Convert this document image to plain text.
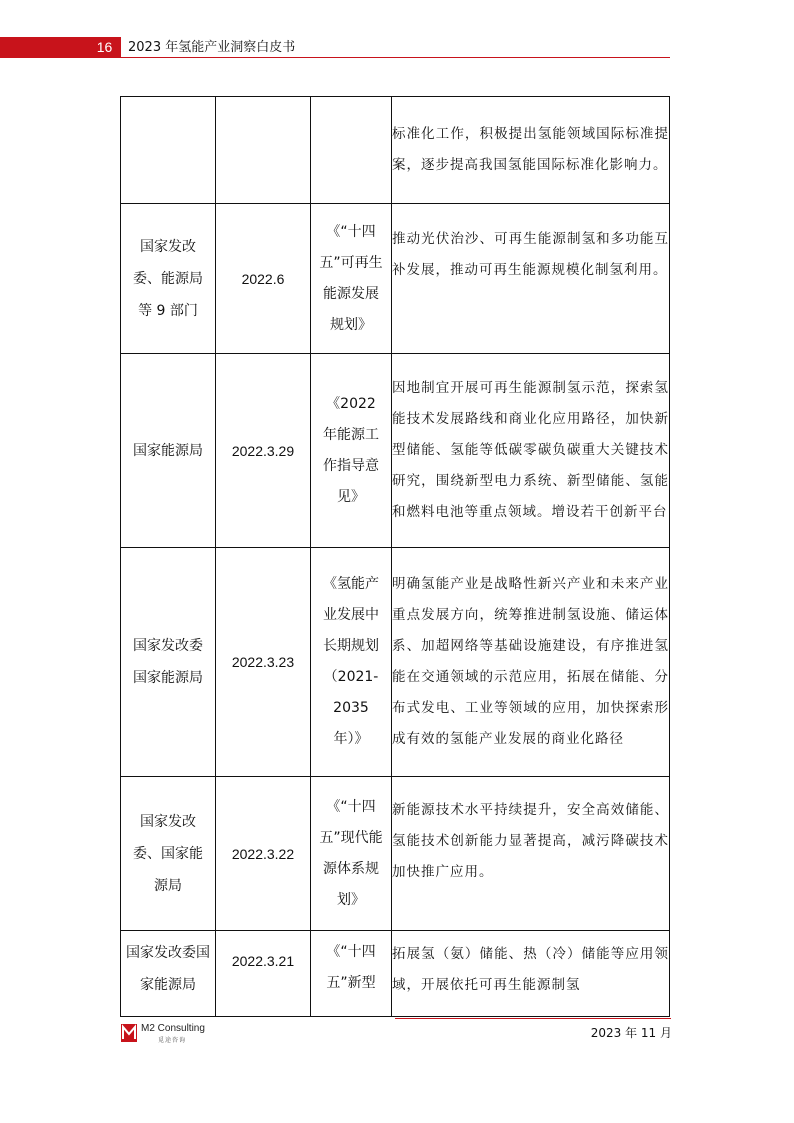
16	2023 年氢能产业洞察白皮书

			标准化工作，积极提出氢能领域国际标准提案，逐步提高我国氢能国际标准化影响力。

国家发改委、能源局等 9 部门	2022.6	《“十四五”可再生能源发展规划》	推动光伏治沙、可再生能源制氢和多功能互补发展，推动可再生能源规模化制氢利用。

国家能源局	2022.3.29	《2022 年能源工作指导意见》	因地制宜开展可再生能源制氢示范，探索氢能技术发展路线和商业化应用路径，加快新型储能、氢能等低碳零碳负碳重大关键技术研究，围绕新型电力系统、新型储能、氢能和燃料电池等重点领域。增设若干创新平台

国家发改委国家能源局	2022.3.23	《氢能产业发展中长期规划（2021-2035 年）》	明确氢能产业是战略性新兴产业和未来产业重点发展方向，统筹推进制氢设施、储运体系、加超网络等基础设施建设，有序推进氢能在交通领域的示范应用，拓展在储能、分布式发电、工业等领域的应用，加快探索形成有效的氢能产业发展的商业化路径

国家发改委、国家能源局	2022.3.22	《“十四五”现代能源体系规划》	新能源技术水平持续提升，安全高效储能、氢能技术创新能力显著提高，减污降碳技术加快推广应用。

国家发改委国家能源局	2022.3.21	《“十四五”新型	拓展氢（氨）储能、热（冷）储能等应用领域，开展依托可再生能源制氢
M2 Consulting
觅途咨询
2023 年 11 月
